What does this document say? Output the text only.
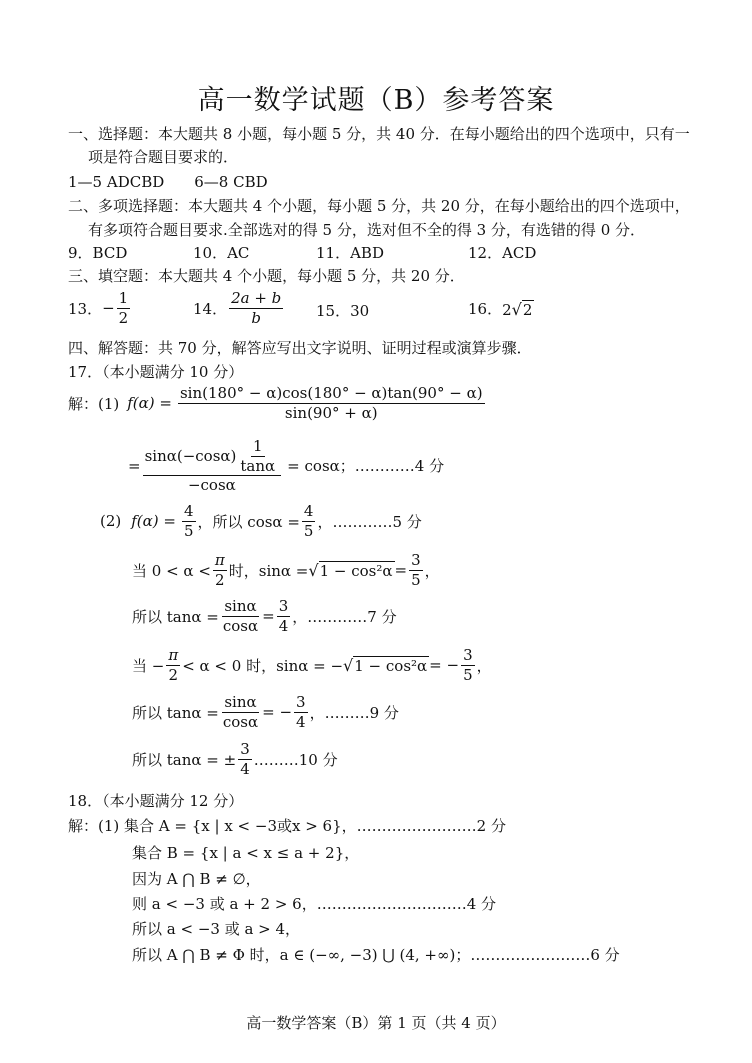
高一数学试题（B）参考答案
一、选择题：本大题共 8 小题，每小题 5 分，共 40 分．在每小题给出的四个选项中，只有一
项是符合题目要求的．
1—5 ADCBD　　6—8 CBD
二、多项选择题：本大题共 4 个小题，每小题 5 分，共 20 分，在每小题给出的四个选项中，
有多项符合题目要求.全部选对的得 5 分，选对但不全的得 3 分，有选错的得 0 分．
9．BCD	10．AC	11．ABD	12．ACD
三、填空题：本大题共 4 个小题，每小题 5 分，共 20 分．
13． − $\frac{1}{2}$	14． $\frac{2a + b}{b} 15$．30	16． 2 √ 2
四、解答题：共 70 分，解答应写出文字说明、证明过程或演算步骤．
17．（本小题满分 10 分）
解：(1) $f(\alpha) = \frac{\sin(180^\circ - \alpha)\cos(180^\circ - \alpha)\tan(90^\circ - \alpha)}{\sin(90^\circ + \alpha)}$
= $\frac{\sin\alpha(-\cos\alpha) \frac{1}{\tan\alpha}}{-\cos\alpha} = \cos\alpha$；…………4 分
(2) $f(\alpha) = \frac{4}{5}$ ，所以 $\cos\alpha = \frac{4}{5}$ ，…………5 分
当 $0 < \alpha < \frac{\pi}{2}$ 时，sinα = √ $1 - \cos^2\alpha = \frac{3}{5}$ ，
所以 $\tan\alpha = \frac{\sin\alpha}{\cos\alpha} = \frac{3}{4}$ ，…………7 分
当 − $\frac{\pi}{2} < \alpha < 0$ 时，sinα = − √ 1 − cos²α = − $\frac{3}{5}$ ，
所以 $\tan\alpha = \frac{\sin\alpha}{\cos\alpha}$ = − $\frac{3}{4}$ ，………9 分
所以 tanα = ± $\frac{3}{4}$ ………10 分
18．（本小题满分 12 分）
解：(1) 集合 A = {x | x < −3或x > 6}，……………………2 分
集合 B = {x | a < x ≤ a + 2}，
因为 A ⋂ B ≠ ∅，
则 a < −3 或 a + 2 > 6，…………………………4 分
所以 a < −3 或 a > 4，
所以 A ⋂ B ≠ Φ 时，a ∈ (−∞, −3) ⋃ (4, +∞)；……………………6 分
高一数学答案（B）第 1 页（共 4 页）
